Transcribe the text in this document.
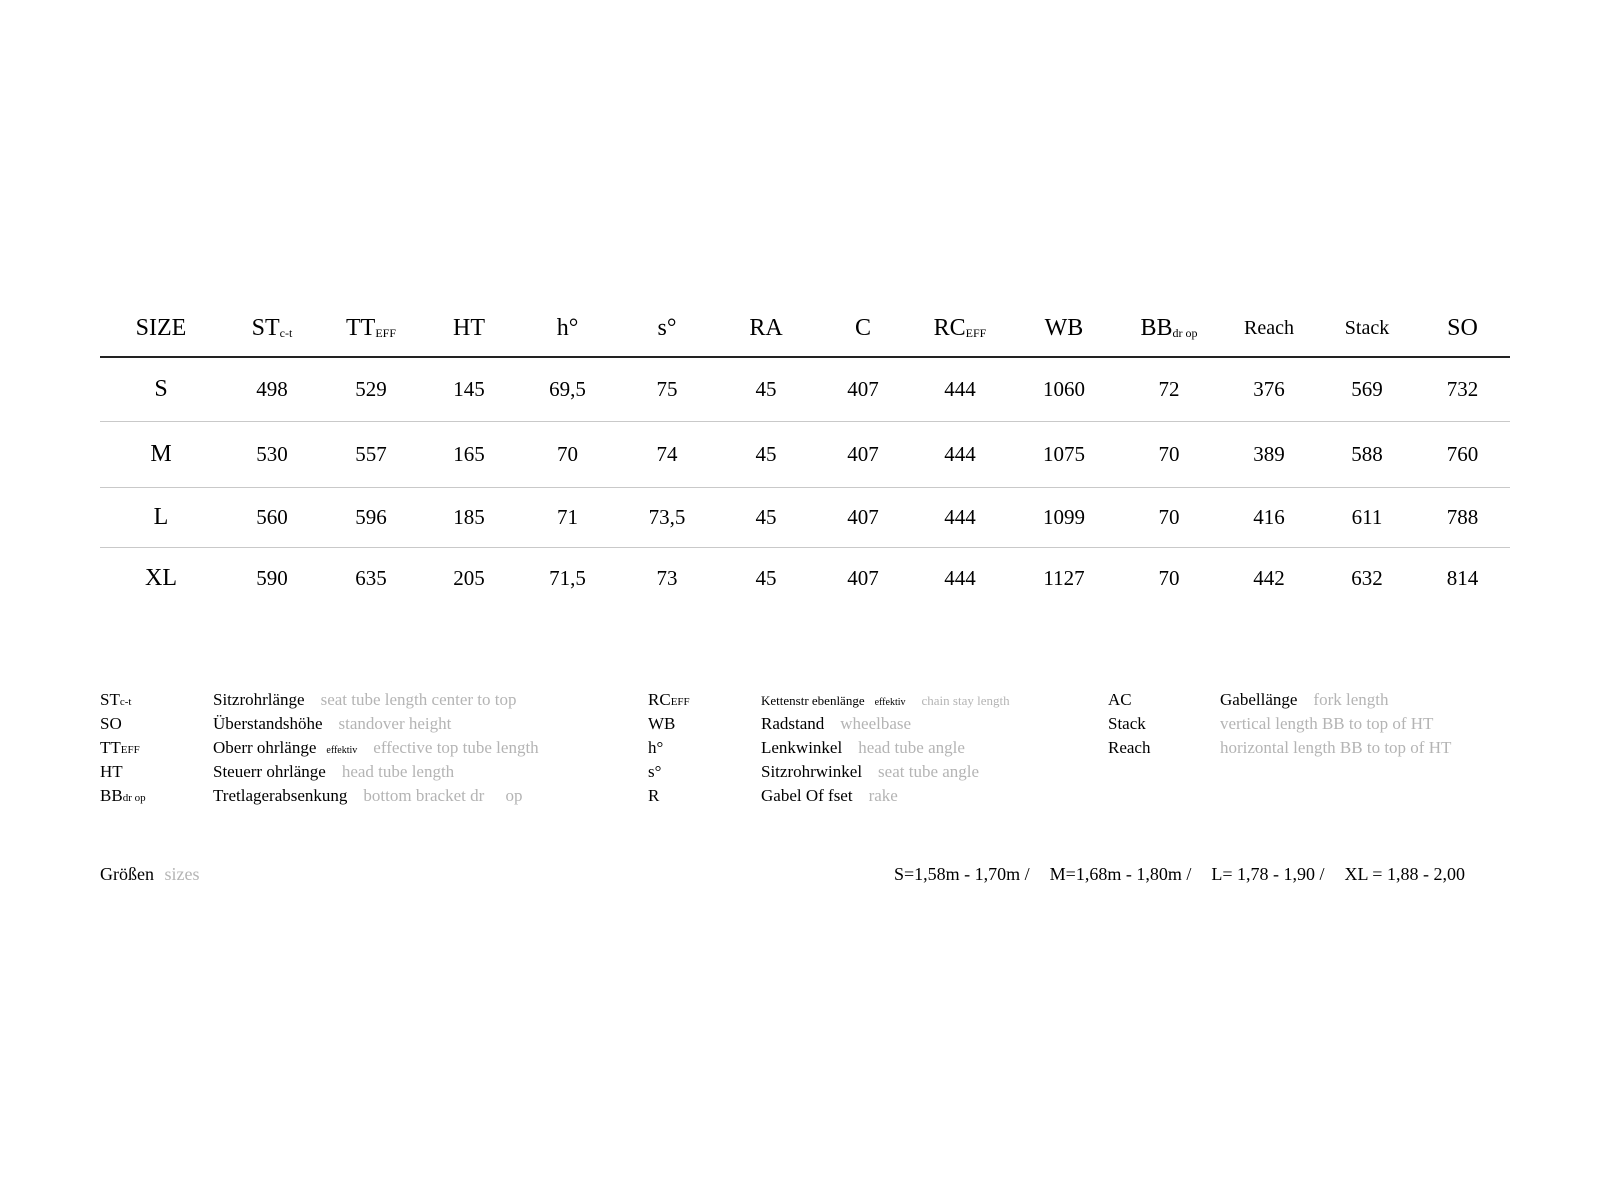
SIZE	STc-t	TTEFF	HT	h°	s°	RA	C	RCEFF	WB	BBdr op	Reach	Stack	SO
S	498	529	145	69,5	75	45	407	444	1060	72	376	569	732
M	530	557	165	70	74	45	407	444	1075	70	389	588	760
L	560	596	185	71	73,5	45	407	444	1099	70	416	611	788
XL	590	635	205	71,5	73	45	407	444	1127	70	442	632	814
STc-t	Sitzrohrlänge seat tube length center to top
SO	Überstandshöhe standover height
TTEFF	Oberr ohrlänge effektiv effective top tube length
HT	Steuerr ohrlänge head tube length
BBdr op	Tretlagerabsenkung bottom bracket dr     op
RCEFF	Kettenstr ebenlänge effektiv chain stay length
WB	Radstand wheelbase
h°	Lenkwinkel head tube angle
s°	Sitzrohrwinkel seat tube angle
R	Gabel Of fset rake
AC	Gabellänge fork length
Stack	vertical length BB to top of HT
Reach	horizontal length BB to top of HT
Größen sizes	S=1,58m - 1,70m / M=1,68m - 1,80m / L= 1,78 - 1,90 / XL = 1,88 - 2,00
